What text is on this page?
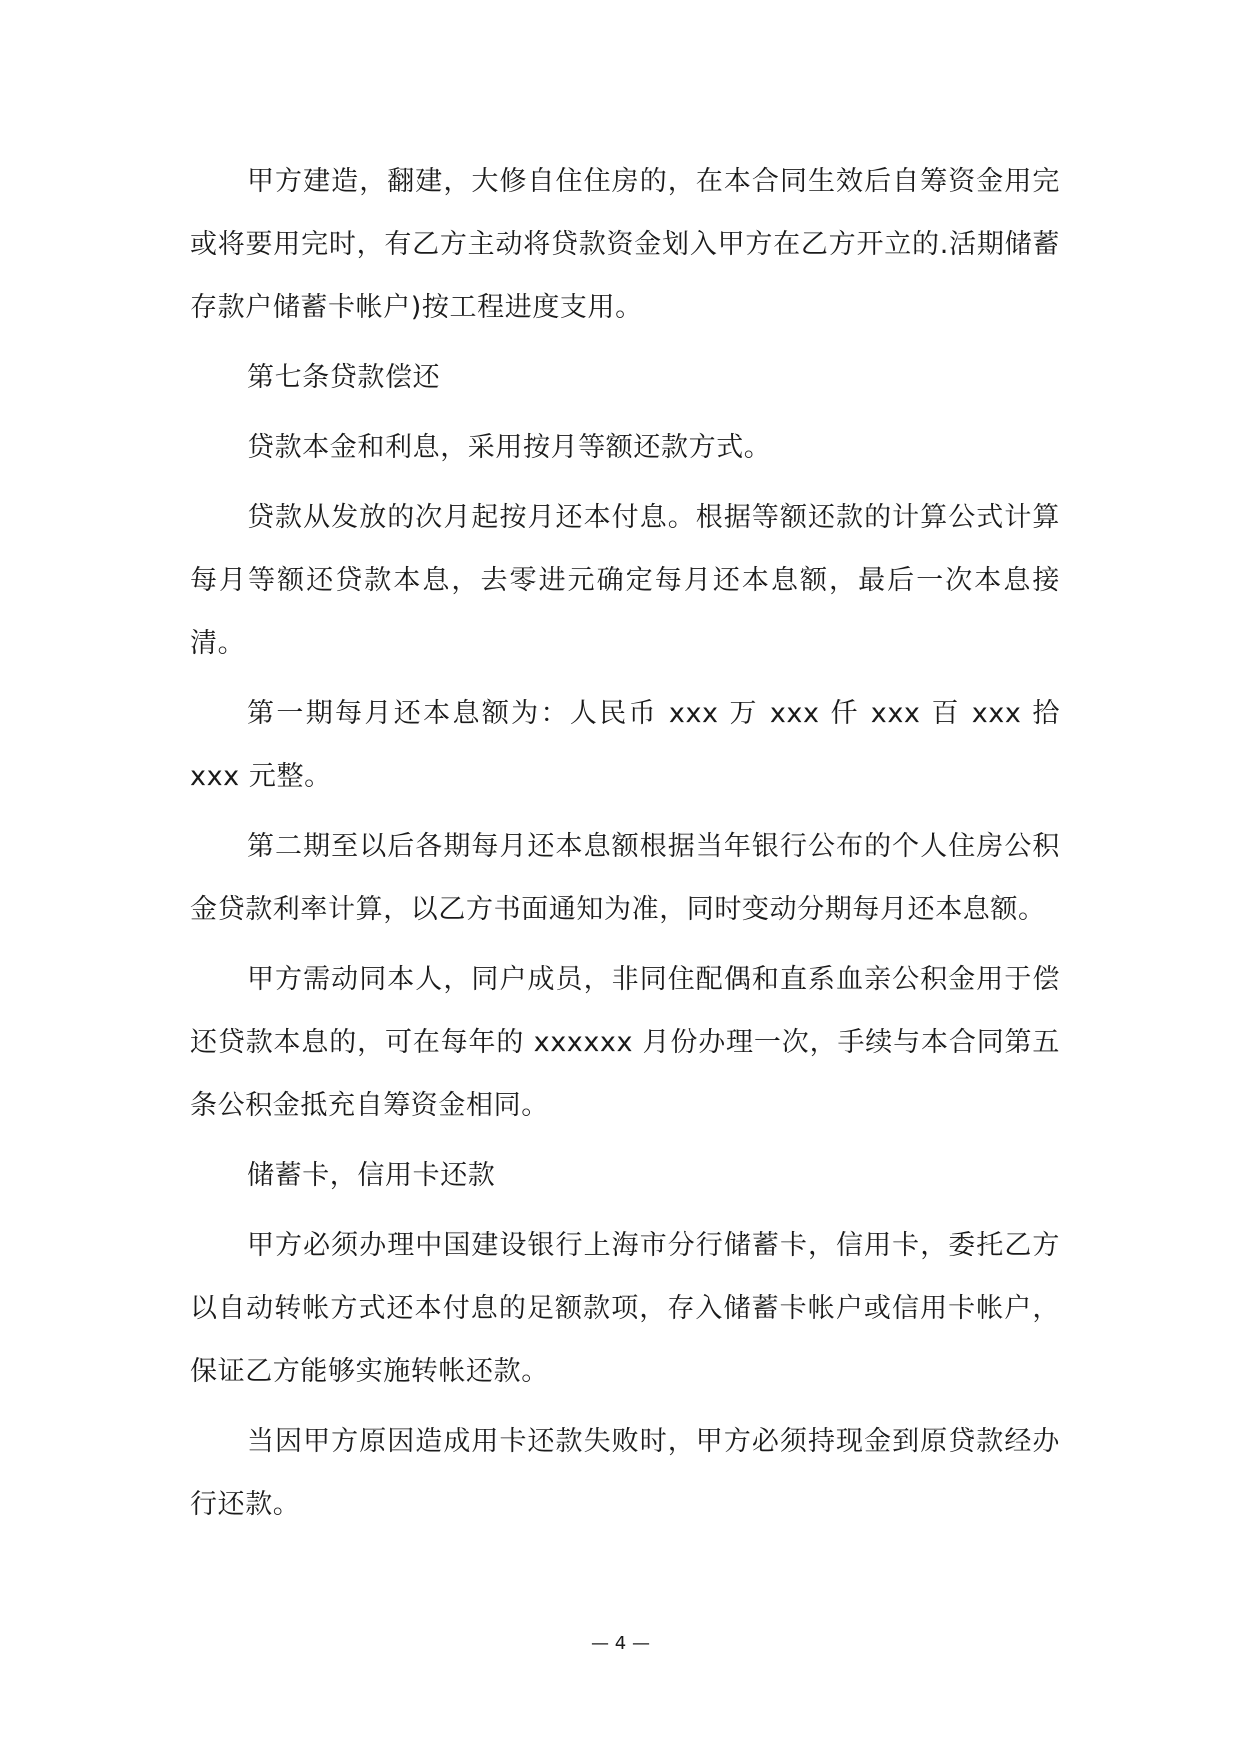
甲方建造，翻建，大修自住住房的，在本合同生效后自筹资金用完或将要用完时，有乙方主动将贷款资金划入甲方在乙方开立的.活期储蓄存款户储蓄卡帐户)按工程进度支用。

第七条贷款偿还

贷款本金和利息，采用按月等额还款方式。

贷款从发放的次月起按月还本付息。根据等额还款的计算公式计算每月等额还贷款本息，去零进元确定每月还本息额，最后一次本息接清。

第一期每月还本息额为：人民币 xxx 万 xxx 仟 xxx 百 xxx 拾 xxx 元整。

第二期至以后各期每月还本息额根据当年银行公布的个人住房公积金贷款利率计算，以乙方书面通知为准，同时变动分期每月还本息额。

甲方需动同本人，同户成员，非同住配偶和直系血亲公积金用于偿还贷款本息的，可在每年的 xxxxxx 月份办理一次，手续与本合同第五条公积金抵充自筹资金相同。

储蓄卡，信用卡还款

甲方必须办理中国建设银行上海市分行储蓄卡，信用卡，委托乙方以自动转帐方式还本付息的足额款项，存入储蓄卡帐户或信用卡帐户，保证乙方能够实施转帐还款。

当因甲方原因造成用卡还款失败时，甲方必须持现金到原贷款经办行还款。

— 4 —
